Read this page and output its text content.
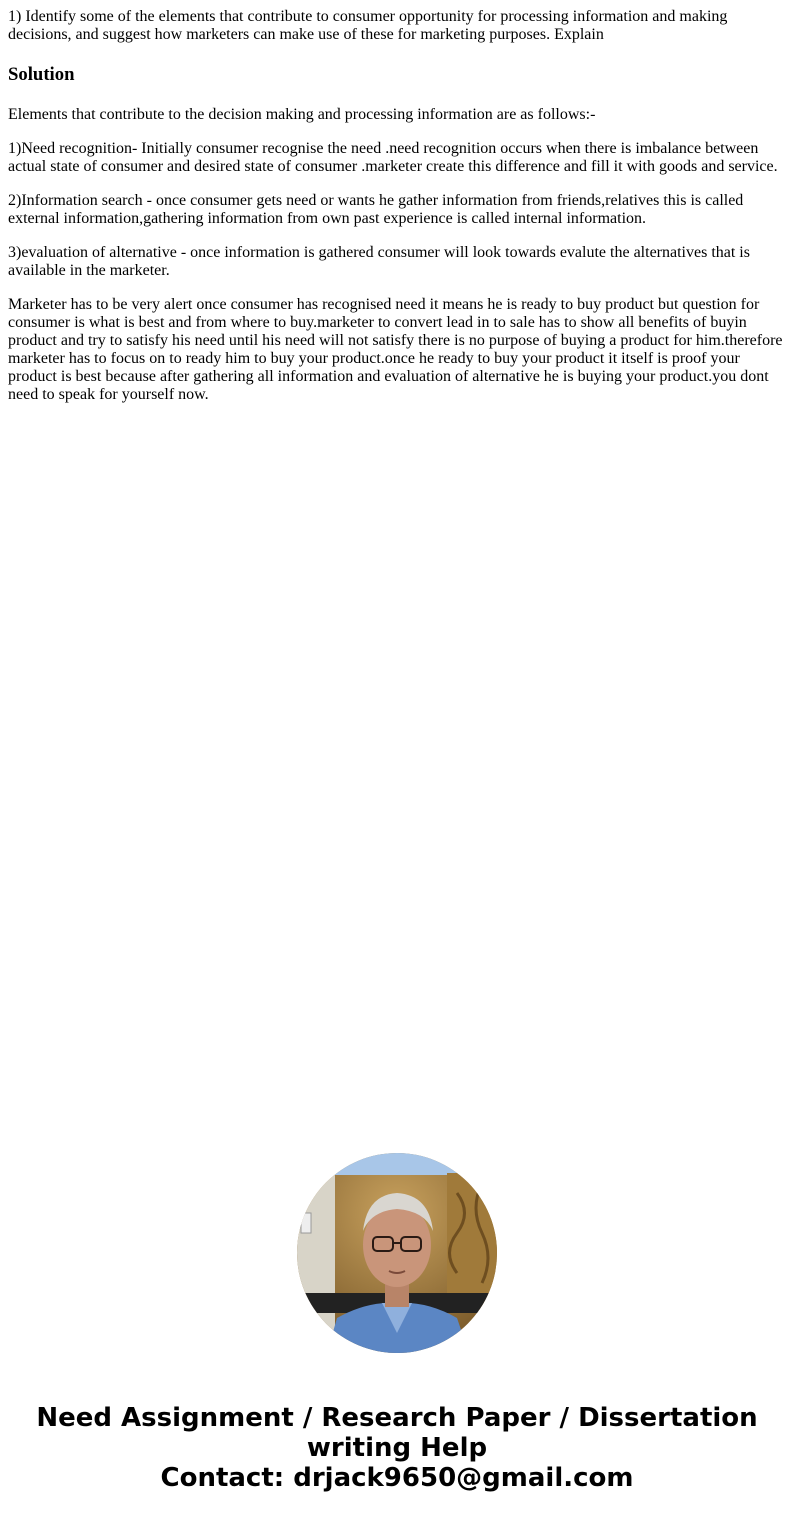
1) Identify some of the elements that contribute to consumer opportunity for processing information and making decisions, and suggest how marketers can make use of these for marketing purposes. Explain

Solution

Elements that contribute to the decision making and processing information are as follows:-

1)Need recognition- Initially consumer recognise the need .need recognition occurs when there is imbalance between actual state of consumer and desired state of consumer .marketer create this difference and fill it with goods and service.

2)Information search - once consumer gets need or wants he gather information from friends,relatives this is called external information,gathering information from own past experience is called internal information.

3)evaluation of alternative - once information is gathered consumer will look towards evalute the alternatives that is available in the marketer.

Marketer has to be very alert once consumer has recognised need it means he is ready to buy product but question for consumer is what is best and from where to buy.marketer to convert lead in to sale has to show all benefits of buyin product and try to satisfy his need until his need will not satisfy there is no purpose of buying a product for him.therefore marketer has to focus on to ready him to buy your product.once he ready to buy your product it itself is proof your product is best because after gathering all information and evaluation of alternative he is buying your product.you dont need to speak for yourself now.

Need Assignment / Research Paper / Dissertation
writing Help
Contact: drjack9650@gmail.com
